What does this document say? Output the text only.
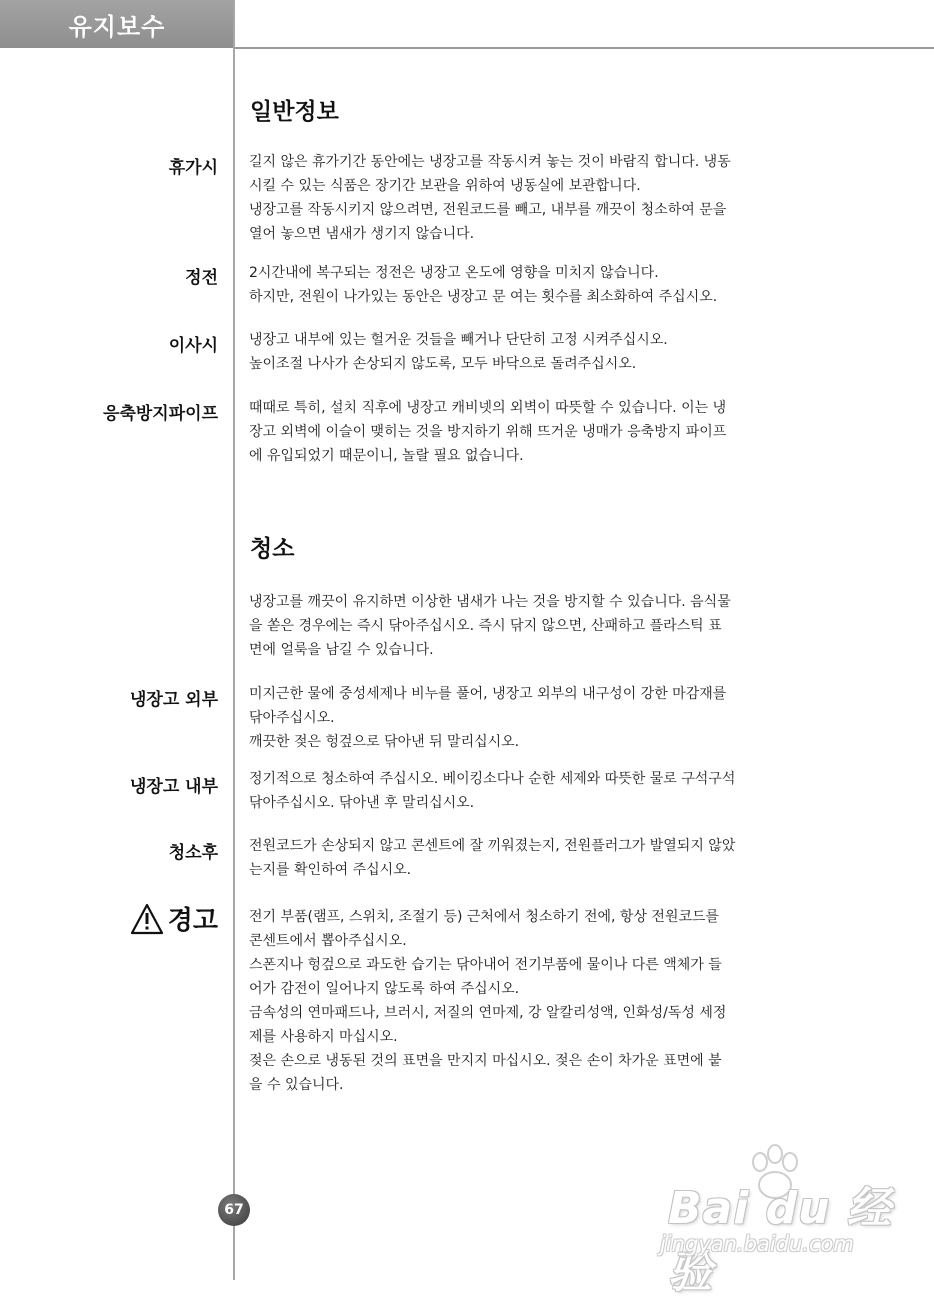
유지보수
일반정보
휴가시 길지 않은 휴가기간 동안에는 냉장고를 작동시켜 놓는 것이 바람직 합니다. 냉동
시킬 수 있는 식품은 장기간 보관을 위하여 냉동실에 보관합니다.
냉장고를 작동시키지 않으려면, 전원코드를 빼고, 내부를 깨끗이 청소하여 문을
열어 놓으면 냄새가 생기지 않습니다.
정전 2시간내에 복구되는 정전은 냉장고 온도에 영향을 미치지 않습니다.
하지만, 전원이 나가있는 동안은 냉장고 문 여는 횟수를 최소화하여 주십시오.
이사시 냉장고 내부에 있는 헐거운 것들을 빼거나 단단히 고정 시켜주십시오.
높이조절 나사가 손상되지 않도록, 모두 바닥으로 돌려주십시오.
응축방지파이프 때때로 특히, 설치 직후에 냉장고 캐비넷의 외벽이 따뜻할 수 있습니다. 이는 냉
장고 외벽에 이슬이 맺히는 것을 방지하기 위해 뜨거운 냉매가 응축방지 파이프
에 유입되었기 때문이니, 놀랄 필요 없습니다.
청소
냉장고를 깨끗이 유지하면 이상한 냄새가 나는 것을 방지할 수 있습니다. 음식물
을 쏟은 경우에는 즉시 닦아주십시오. 즉시 닦지 않으면, 산패하고 플라스틱 표
면에 얼룩을 남길 수 있습니다.
냉장고 외부 미지근한 물에 중성세제나 비누를 풀어, 냉장고 외부의 내구성이 강한 마감재를
닦아주십시오.
깨끗한 젖은 헝겊으로 닦아낸 뒤 말리십시오.
냉장고 내부 정기적으로 청소하여 주십시오. 베이킹소다나 순한 세제와 따뜻한 물로 구석구석
닦아주십시오. 닦아낸 후 말리십시오.
청소후 전원코드가 손상되지 않고 콘센트에 잘 끼워졌는지, 전원플러그가 발열되지 않았
는지를 확인하여 주십시오.
경고 전기 부품(램프, 스위치, 조절기 등) 근처에서 청소하기 전에, 항상 전원코드를
콘센트에서 뽑아주십시오.
스폰지나 헝겊으로 과도한 습기는 닦아내어 전기부품에 물이나 다른 액체가 들
어가 감전이 일어나지 않도록 하여 주십시오.
금속성의 연마패드나, 브러시, 저질의 연마제, 강 알칼리성액, 인화성/독성 세정
제를 사용하지 마십시오.
젖은 손으로 냉동된 것의 표면을 만지지 마십시오. 젖은 손이 차가운 표면에 붙
을 수 있습니다.
67	Bai du 经验
jingyan.baidu.com
